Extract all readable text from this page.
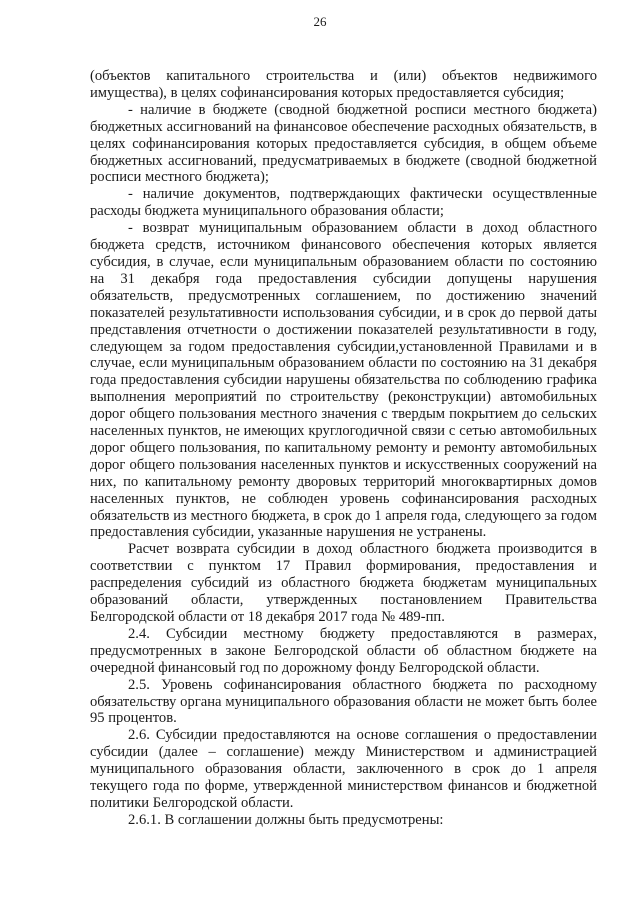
26

(объектов капитального строительства и (или) объектов недвижимого имущества), в целях софинансирования которых предоставляется субсидия;

- наличие в бюджете (сводной бюджетной росписи местного бюджета) бюджетных ассигнований на финансовое обеспечение расходных обязательств, в целях софинансирования которых предоставляется субсидия, в общем объеме бюджетных ассигнований, предусматриваемых в бюджете (сводной бюджетной росписи местного бюджета);

- наличие документов, подтверждающих фактически осуществленные расходы бюджета муниципального образования области;

- возврат муниципальным образованием области в доход областного бюджета средств, источником финансового обеспечения которых является субсидия, в случае, если муниципальным образованием области по состоянию на 31 декабря года предоставления субсидии допущены нарушения обязательств, предусмотренных соглашением, по достижению значений показателей результативности использования субсидии, и в срок до первой даты представления отчетности о достижении показателей результативности в году, следующем за годом предоставления субсидии,установленной Правилами и в случае, если муниципальным образованием области по состоянию на 31 декабря года предоставления субсидии нарушены обязательства по соблюдению графика выполнения мероприятий по строительству (реконструкции) автомобильных дорог общего пользования местного значения с твердым покрытием до сельских населенных пунктов, не имеющих круглогодичной связи с сетью автомобильных дорог общего пользования, по капитальному ремонту и ремонту автомобильных дорог общего пользования населенных пунктов и искусственных сооружений на них, по капитальному ремонту дворовых территорий многоквартирных домов населенных пунктов, не соблюден уровень софинансирования расходных обязательств из местного бюджета, в срок до 1 апреля года, следующего за годом предоставления субсидии, указанные нарушения не устранены.

Расчет возврата субсидии в доход областного бюджета производится в соответствии с пунктом 17 Правил формирования, предоставления и распределения субсидий из областного бюджета бюджетам муниципальных образований области, утвержденных постановлением Правительства Белгородской области от 18 декабря 2017 года № 489-пп.

2.4. Субсидии местному бюджету предоставляются в размерах, предусмотренных в законе Белгородской области об областном бюджете на очередной финансовый год по дорожному фонду Белгородской области.

2.5. Уровень софинансирования областного бюджета по расходному обязательству органа муниципального образования области не может быть более 95 процентов.

2.6. Субсидии предоставляются на основе соглашения о предоставлении субсидии (далее – соглашение) между Министерством и администрацией муниципального образования области, заключенного в срок до 1 апреля текущего года по форме, утвержденной министерством финансов и бюджетной политики Белгородской области.

2.6.1. В соглашении должны быть предусмотрены:
